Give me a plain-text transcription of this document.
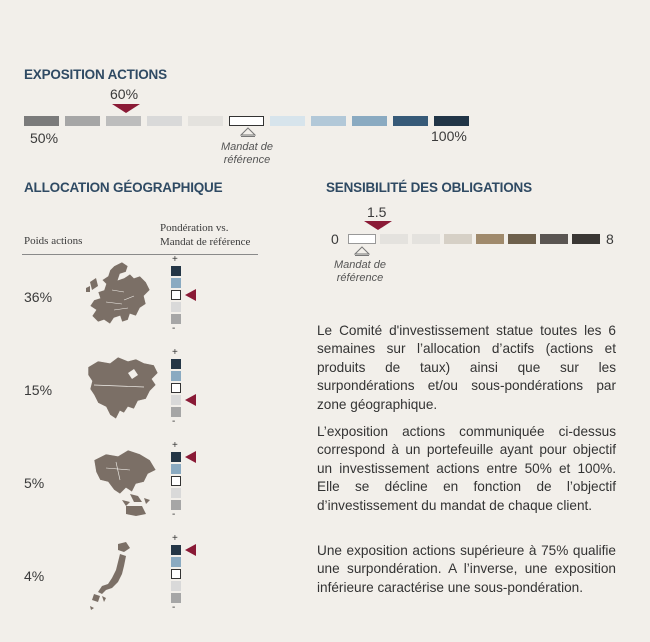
EXPOSITION ACTIONS
60%
50%	100%
Mandat de
référence
ALLOCATION GÉOGRAPHIQUE
Poids actions
Pondération vs.
Mandat de référence
36%
+
-
15%
+
-
5%
+
-
4%
+
-
SENSIBILITÉ DES OBLIGATIONS
1.5
0	8
Mandat de
référence
Le Comité d'investissement statue toutes les 6 semaines sur l’allocation d’actifs (actions et produits de taux) ainsi que sur les surpondérations et/ou sous-pondérations par zone géographique.
L’exposition actions communiquée ci-dessus correspond à un portefeuille ayant pour objectif un investissement actions entre 50% et 100%. Elle se décline en fonction de l’objectif d’investissement du mandat de chaque client.
Une exposition actions supérieure à 75% qualifie une surpondération. A l’inverse, une exposition inférieure caractérise une sous-pondération.
